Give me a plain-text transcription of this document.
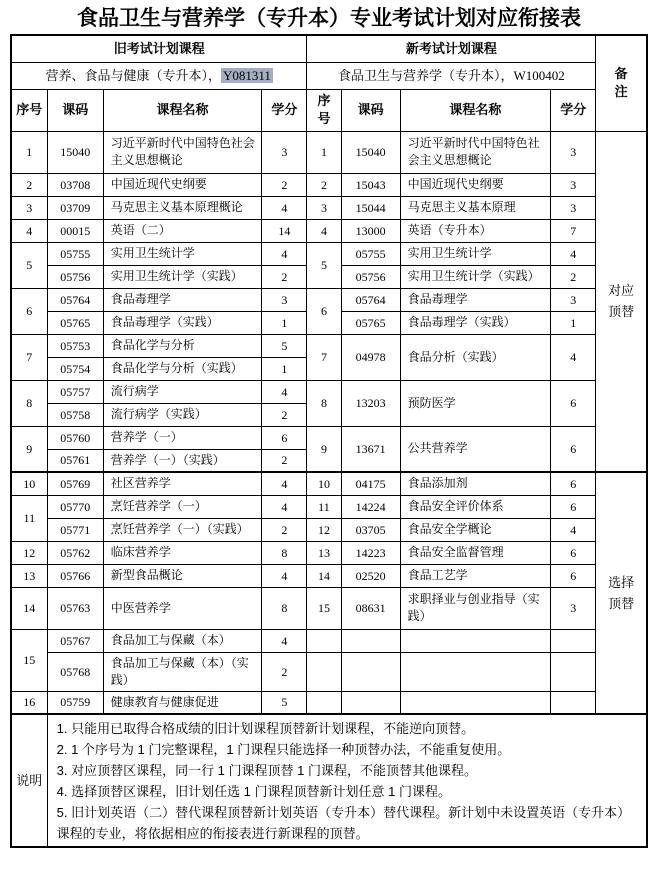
食品卫生与营养学（专升本）专业考试计划对应衔接表
旧考试计划课程				新考试计划课程				备注
营养、食品与健康（专升本）， Y081311				食品卫生与营养学（专升本），W100402				
序号	课码	课程名称	学分	序号	课码	课程名称	学分	
1	15040	习近平新时代中国特色社会主义思想概论	3	1	15040	习近平新时代中国特色社会主义思想概论	3	对应顶替
2	03708	中国近现代史纲要	2	2	15043	中国近现代史纲要	3	
3	03709	马克思主义基本原理概论	4	3	15044	马克思主义基本原理	3	
4	00015	英语（二）	14	4	13000	英语（专升本）	7	
5	05755	实用卫生统计学	4	5	05755	实用卫生统计学	4	
	05756	实用卫生统计学（实践）	2		05756	实用卫生统计学（实践）	2	
6	05764	食品毒理学	3	6	05764	食品毒理学	3	
	05765	食品毒理学（实践）	1		05765	食品毒理学（实践）	1	
7	05753	食品化学与分析	5	7	04978	食品分析（实践）	4	
	05754	食品化学与分析（实践）	1					
8	05757	流行病学	4	8	13203	预防医学	6	
	05758	流行病学（实践）	2					
9	05760	营养学（一）	6	9	13671	公共营养学	6	
	05761	营养学（一）（实践）	2					
10	05769	社区营养学	4	10	04175	食品添加剂	6	选择顶替
11	05770	烹饪营养学（一）	4	11	14224	食品安全评价体系	6	
	05771	烹饪营养学（一）（实践）	2	12	03705	食品安全学概论	4	
12	05762	临床营养学	8	13	14223	食品安全监督管理	6	
13	05766	新型食品概论	4	14	02520	食品工艺学	6	
14	05763	中医营养学	8	15	08631	求职择业与创业指导（实践）	3	
15	05767	食品加工与保藏（本）	4					
	05768	食品加工与保藏（本）（实践）	2					
16	05759	健康教育与健康促进	5					
说明	1. 只能用已取得合格成绩的旧计划课程顶替新计划课程，不能逆向顶替。
2. 1 个序号为 1 门完整课程，1 门课程只能选择一种顶替办法，不能重复使用。
3. 对应顶替区课程，同一行 1 门课程顶替 1 门课程，不能顶替其他课程。
4. 选择顶替区课程，旧计划任选 1 门课程顶替新计划任意 1 门课程。
5. 旧计划英语（二）替代课程顶替新计划英语（专升本）替代课程。新计划中未设置英语（专升本）课程的专业，将依据相应的衔接表进行新课程的顶替。							
